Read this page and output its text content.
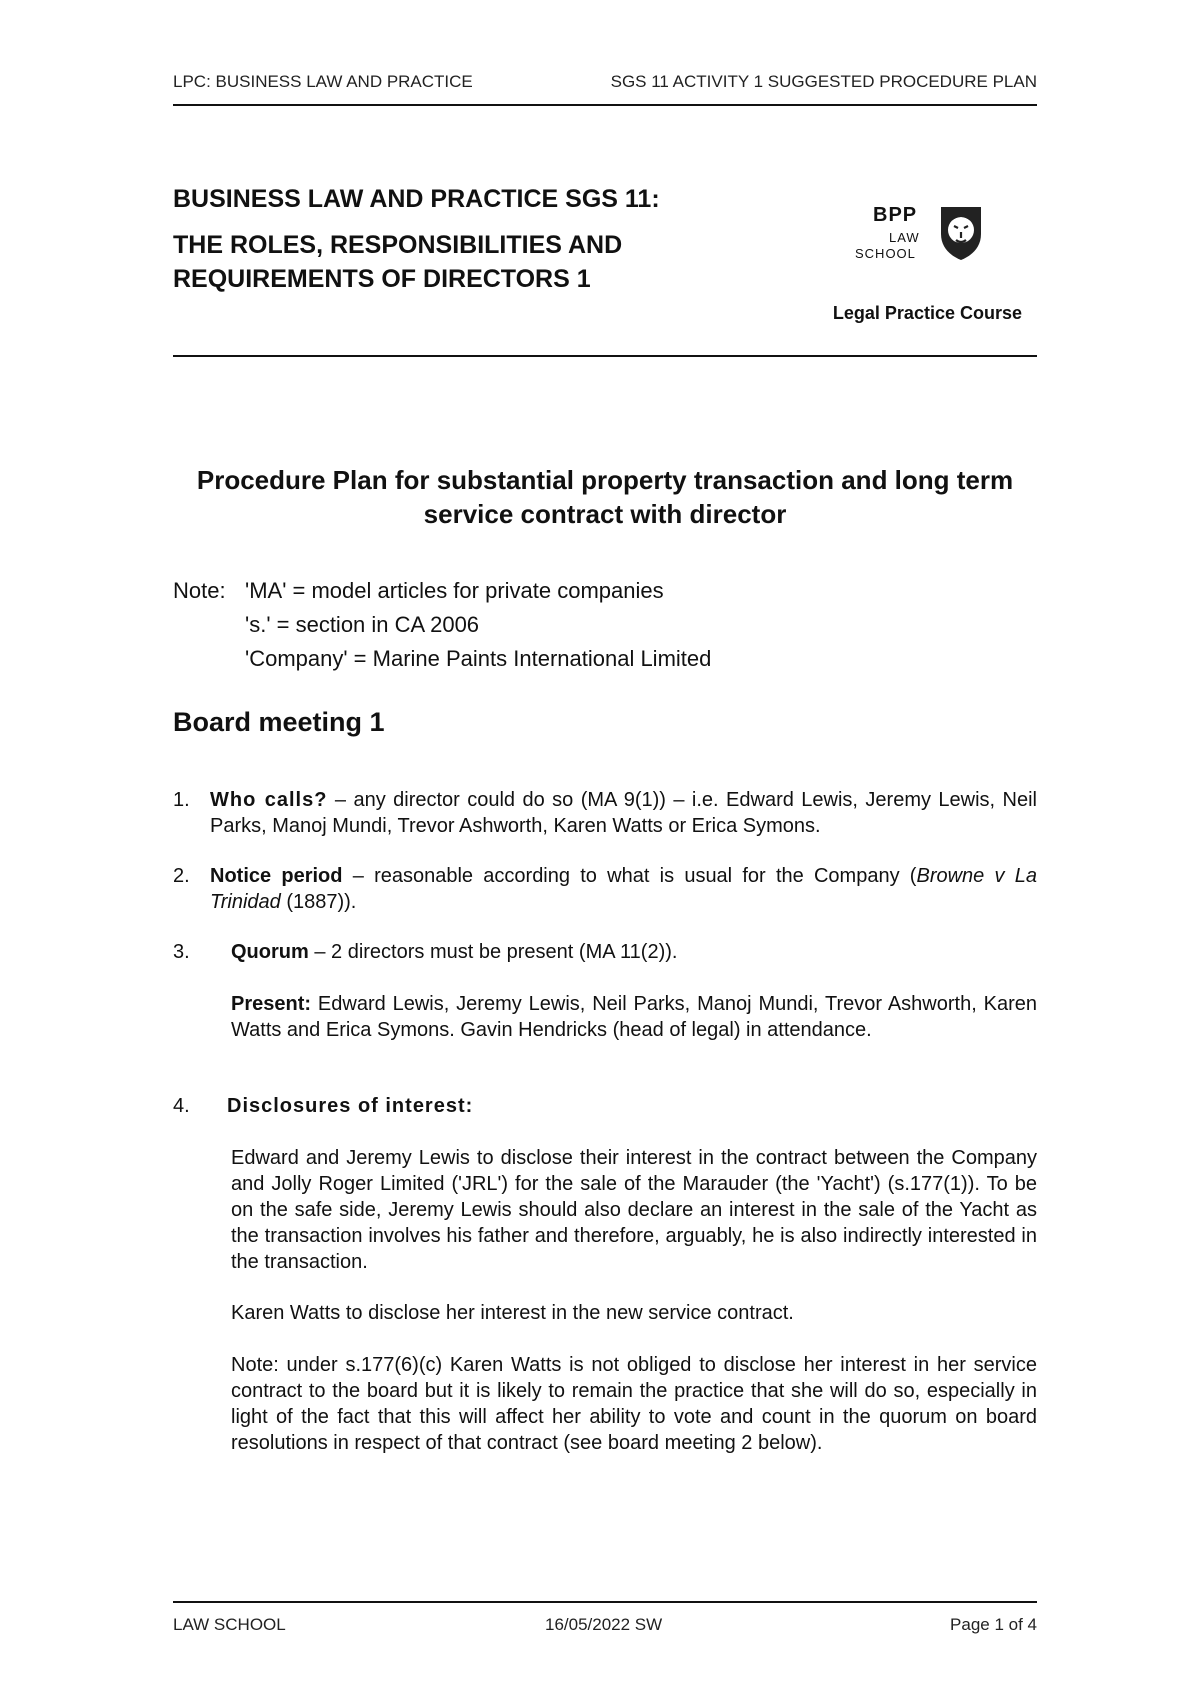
LPC: BUSINESS LAW AND PRACTICE	SGS 11 ACTIVITY 1 SUGGESTED PROCEDURE PLAN
BUSINESS LAW AND PRACTICE SGS 11:
THE ROLES, RESPONSIBILITIES AND REQUIREMENTS OF DIRECTORS 1
BPP
LAW
SCHOOL
Legal Practice Course
Procedure Plan for substantial property transaction and long term service contract with director
Note: 'MA' = model articles for private companies
's.' = section in CA 2006
'Company' = Marine Paints International Limited
Board meeting 1
1. Who calls? – any director could do so (MA 9(1)) – i.e. Edward Lewis, Jeremy Lewis, Neil Parks, Manoj Mundi, Trevor Ashworth, Karen Watts or Erica Symons.
2. Notice period – reasonable according to what is usual for the Company (Browne v La Trinidad (1887)).
3. Quorum – 2 directors must be present (MA 11(2)).
Present: Edward Lewis, Jeremy Lewis, Neil Parks, Manoj Mundi, Trevor Ashworth, Karen Watts and Erica Symons. Gavin Hendricks (head of legal) in attendance.
4. Disclosures of interest:
Edward and Jeremy Lewis to disclose their interest in the contract between the Company and Jolly Roger Limited ('JRL') for the sale of the Marauder (the 'Yacht') (s.177(1)). To be on the safe side, Jeremy Lewis should also declare an interest in the sale of the Yacht as the transaction involves his father and therefore, arguably, he is also indirectly interested in the transaction.
Karen Watts to disclose her interest in the new service contract.
Note: under s.177(6)(c) Karen Watts is not obliged to disclose her interest in her service contract to the board but it is likely to remain the practice that she will do so, especially in light of the fact that this will affect her ability to vote and count in the quorum on board resolutions in respect of that contract (see board meeting 2 below).
LAW SCHOOL	16/05/2022 SW	Page 1 of 4
